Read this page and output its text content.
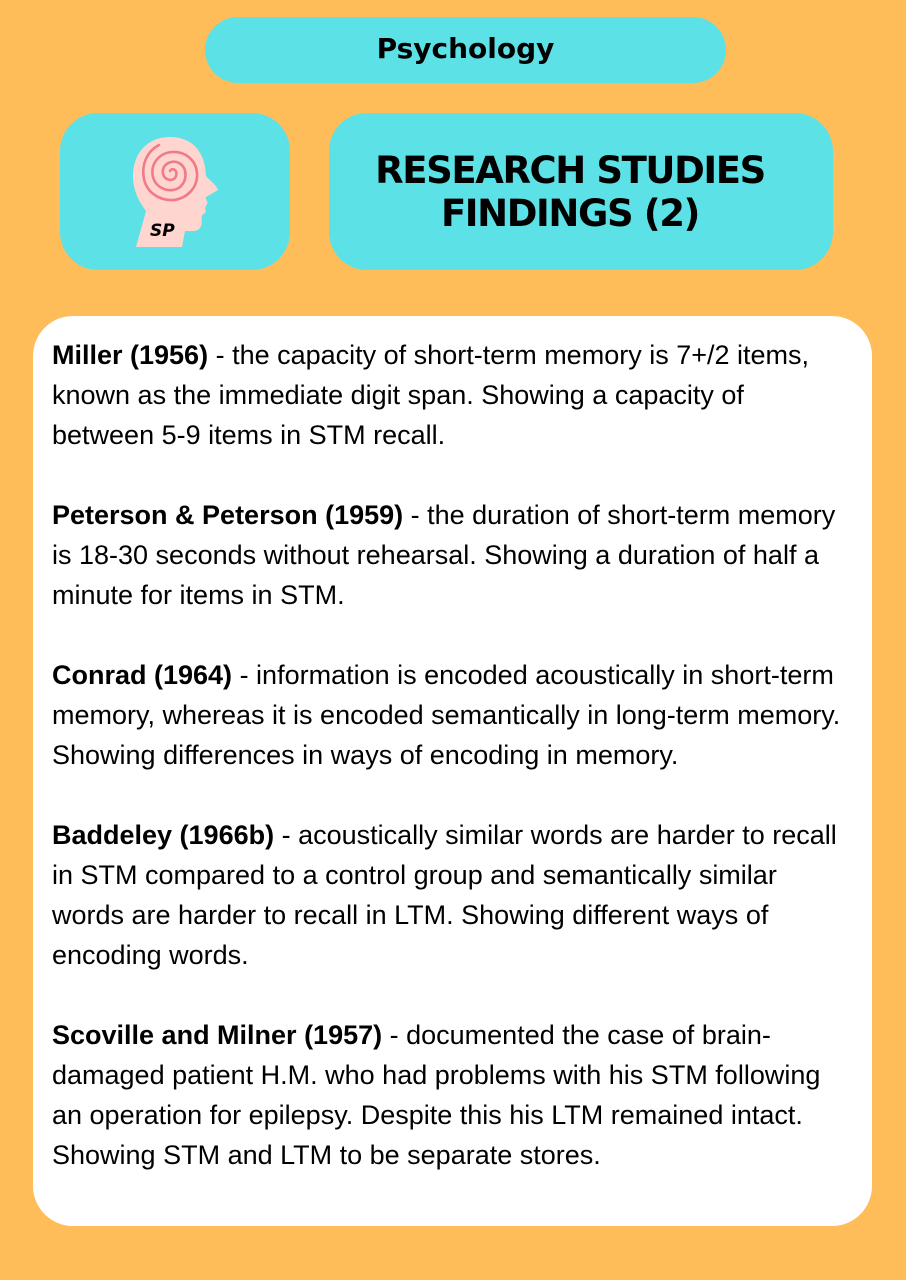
Psychology
SP
RESEARCH STUDIES
FINDINGS (2)

Miller (1956) - the capacity of short-term memory is 7+/2 items, known as the immediate digit span. Showing a capacity of between 5-9 items in STM recall.

Peterson & Peterson (1959) - the duration of short-term memory is 18-30 seconds without rehearsal. Showing a duration of half a minute for items in STM.

Conrad (1964) - information is encoded acoustically in short-term memory, whereas it is encoded semantically in long-term memory. Showing differences in ways of encoding in memory.

Baddeley (1966b) - acoustically similar words are harder to recall in STM compared to a control group and semantically similar words are harder to recall in LTM. Showing different ways of encoding words.

Scoville and Milner (1957) - documented the case of brain-damaged patient H.M. who had problems with his STM following an operation for epilepsy. Despite this his LTM remained intact. Showing STM and LTM to be separate stores.
